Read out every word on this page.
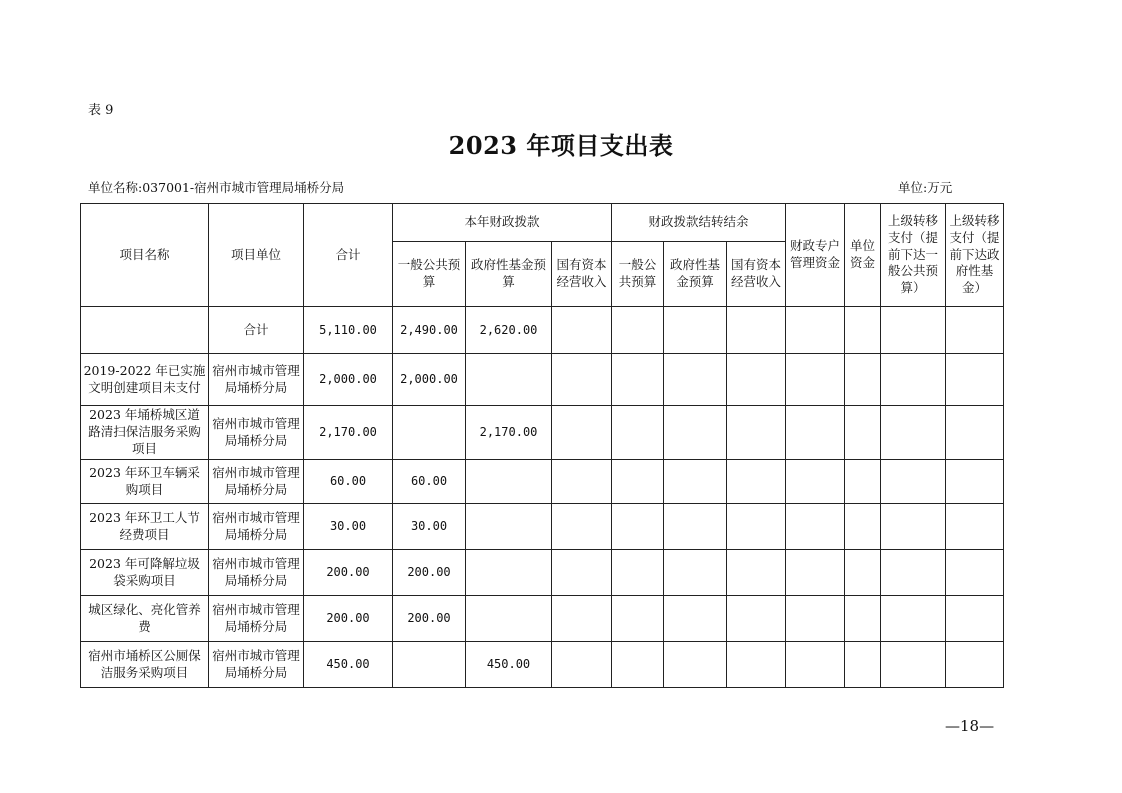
表 9
2023 年项目支出表
单位名称:037001-宿州市城市管理局埇桥分局	单位:万元
项目名称	项目单位	合计	本年财政拨款			财政拨款结转结余			财政专户管理资金	单位资金	上级转移支付（提前下达一般公共预算）	上级转移支付（提前下达政府性基金）
			一般公共预算	政府性基金预算	国有资本经营收入	一般公共预算	政府性基金预算	国有资本经营收入				
	合计	5,110.00	2,490.00	2,620.00								
2019-2022 年已实施文明创建项目未支付	宿州市城市管理局埇桥分局	2,000.00	2,000.00									
2023 年埇桥城区道路清扫保洁服务采购项目	宿州市城市管理局埇桥分局	2,170.00		2,170.00								
2023 年环卫车辆采购项目	宿州市城市管理局埇桥分局	60.00	60.00									
2023 年环卫工人节经费项目	宿州市城市管理局埇桥分局	30.00	30.00									
2023 年可降解垃圾袋采购项目	宿州市城市管理局埇桥分局	200.00	200.00									
城区绿化、亮化管养费	宿州市城市管理局埇桥分局	200.00	200.00									
宿州市埇桥区公厕保洁服务采购项目	宿州市城市管理局埇桥分局	450.00		450.00								
—18—
